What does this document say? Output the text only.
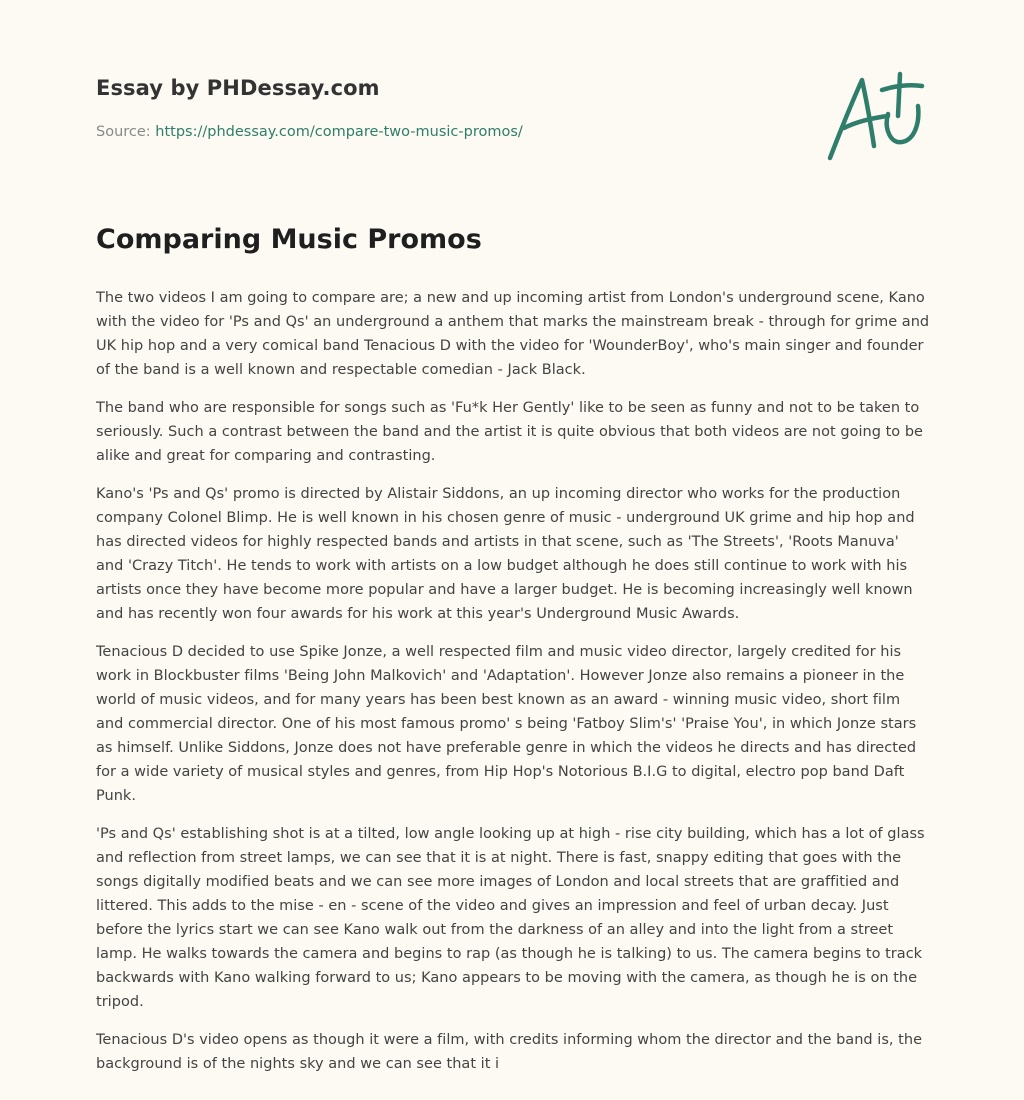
Essay by PHDessay.com
Source: https://phdessay.com/compare-two-music-promos/
Comparing Music Promos

The two videos I am going to compare are; a new and up incoming artist from London's underground scene, Kano with the video for 'Ps and Qs' an underground a anthem that marks the mainstream break - through for grime and UK hip hop and a very comical band Tenacious D with the video for 'WounderBoy', who's main singer and founder of the band is a well known and respectable comedian - Jack Black.

The band who are responsible for songs such as 'Fu*k Her Gently' like to be seen as funny and not to be taken to seriously. Such a contrast between the band and the artist it is quite obvious that both videos are not going to be alike and great for comparing and contrasting.

Kano's 'Ps and Qs' promo is directed by Alistair Siddons, an up incoming director who works for the production company Colonel Blimp. He is well known in his chosen genre of music - underground UK grime and hip hop and has directed videos for highly respected bands and artists in that scene, such as 'The Streets', 'Roots Manuva' and 'Crazy Titch'. He tends to work with artists on a low budget although he does still continue to work with his artists once they have become more popular and have a larger budget. He is becoming increasingly well known and has recently won four awards for his work at this year's Underground Music Awards.

Tenacious D decided to use Spike Jonze, a well respected film and music video director, largely credited for his work in Blockbuster films 'Being John Malkovich' and 'Adaptation'. However Jonze also remains a pioneer in the world of music videos, and for many years has been best known as an award - winning music video, short film and commercial director. One of his most famous promo' s being 'Fatboy Slim's' 'Praise You', in which Jonze stars as himself. Unlike Siddons, Jonze does not have preferable genre in which the videos he directs and has directed for a wide variety of musical styles and genres, from Hip Hop's Notorious B.I.G to digital, electro pop band Daft Punk.

'Ps and Qs' establishing shot is at a tilted, low angle looking up at high - rise city building, which has a lot of glass and reflection from street lamps, we can see that it is at night. There is fast, snappy editing that goes with the songs digitally modified beats and we can see more images of London and local streets that are graffitied and littered. This adds to the mise - en - scene of the video and gives an impression and feel of urban decay. Just before the lyrics start we can see Kano walk out from the darkness of an alley and into the light from a street lamp. He walks towards the camera and begins to rap (as though he is talking) to us. The camera begins to track backwards with Kano walking forward to us; Kano appears to be moving with the camera, as though he is on the tripod.

Tenacious D's video opens as though it were a film, with credits informing whom the director and the band is, the background is of the nights sky and we can see that it i
